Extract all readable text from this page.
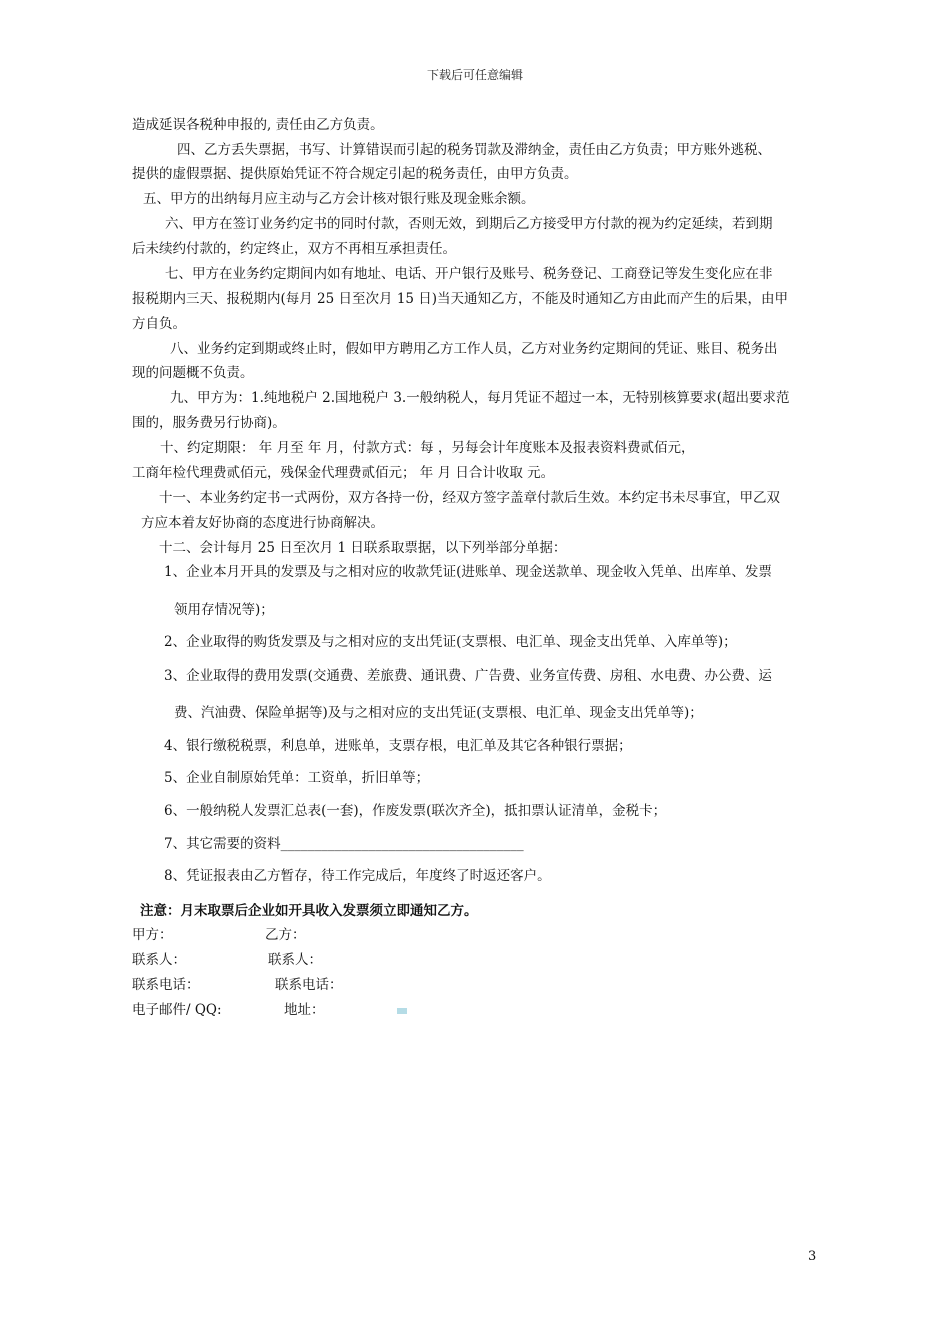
下载后可任意编辑
造成延误各税种申报的, 责任由乙方负责。
四、乙方丢失票据，书写、计算错误而引起的税务罚款及滞纳金，责任由乙方负责；甲方账外逃税、
提供的虚假票据、提供原始凭证不符合规定引起的税务责任，由甲方负责。
五、甲方的出纳每月应主动与乙方会计核对银行账及现金账余额。
六、甲方在签订业务约定书的同时付款，否则无效，到期后乙方接受甲方付款的视为约定延续，若到期
后未续约付款的，约定终止，双方不再相互承担责任。
七、甲方在业务约定期间内如有地址、电话、开户银行及账号、税务登记、工商登记等发生变化应在非
报税期内三天、报税期内(每月 25 日至次月 15 日)当天通知乙方，不能及时通知乙方由此而产生的后果，由甲
方自负。
八、业务约定到期或终止时，假如甲方聘用乙方工作人员，乙方对业务约定期间的凭证、账目、税务出
现的问题概不负责。
九、甲方为：1.纯地税户 2.国地税户 3.一般纳税人，每月凭证不超过一本，无特别核算要求(超出要求范
围的，服务费另行协商)。
十、约定期限： 年 月至 年 月，付款方式：每 ，另每会计年度账本及报表资料费贰佰元，
工商年检代理费贰佰元，残保金代理费贰佰元； 年 月 日合计收取 元。
十一、本业务约定书一式两份，双方各持一份，经双方签字盖章付款后生效。本约定书未尽事宜，甲乙双
方应本着友好协商的态度进行协商解决。
十二、会计每月 25 日至次月 1 日联系取票据，以下列举部分单据：
1、企业本月开具的发票及与之相对应的收款凭证(进账单、现金送款单、现金收入凭单、出库单、发票
领用存情况等)；
2、企业取得的购货发票及与之相对应的支出凭证(支票根、电汇单、现金支出凭单、入库单等)；
3、企业取得的费用发票(交通费、差旅费、通讯费、广告费、业务宣传费、房租、水电费、办公费、运
费、汽油费、保险单据等)及与之相对应的支出凭证(支票根、电汇单、现金支出凭单等)；
4、银行缴税税票，利息单，进账单，支票存根，电汇单及其它各种银行票据；
5、企业自制原始凭单：工资单，折旧单等；
6、一般纳税人发票汇总表(一套)，作废发票(联次齐全)，抵扣票认证清单，金税卡；
7、其它需要的资料____________________________________
8、凭证报表由乙方暂存，待工作完成后，年度终了时返还客户。
注意：月末取票后企业如开具收入发票须立即通知乙方。
甲方：	乙方：
联系人：	联系人：
联系电话：	联系电话：
电子邮件/ QQ:	地址：
3
